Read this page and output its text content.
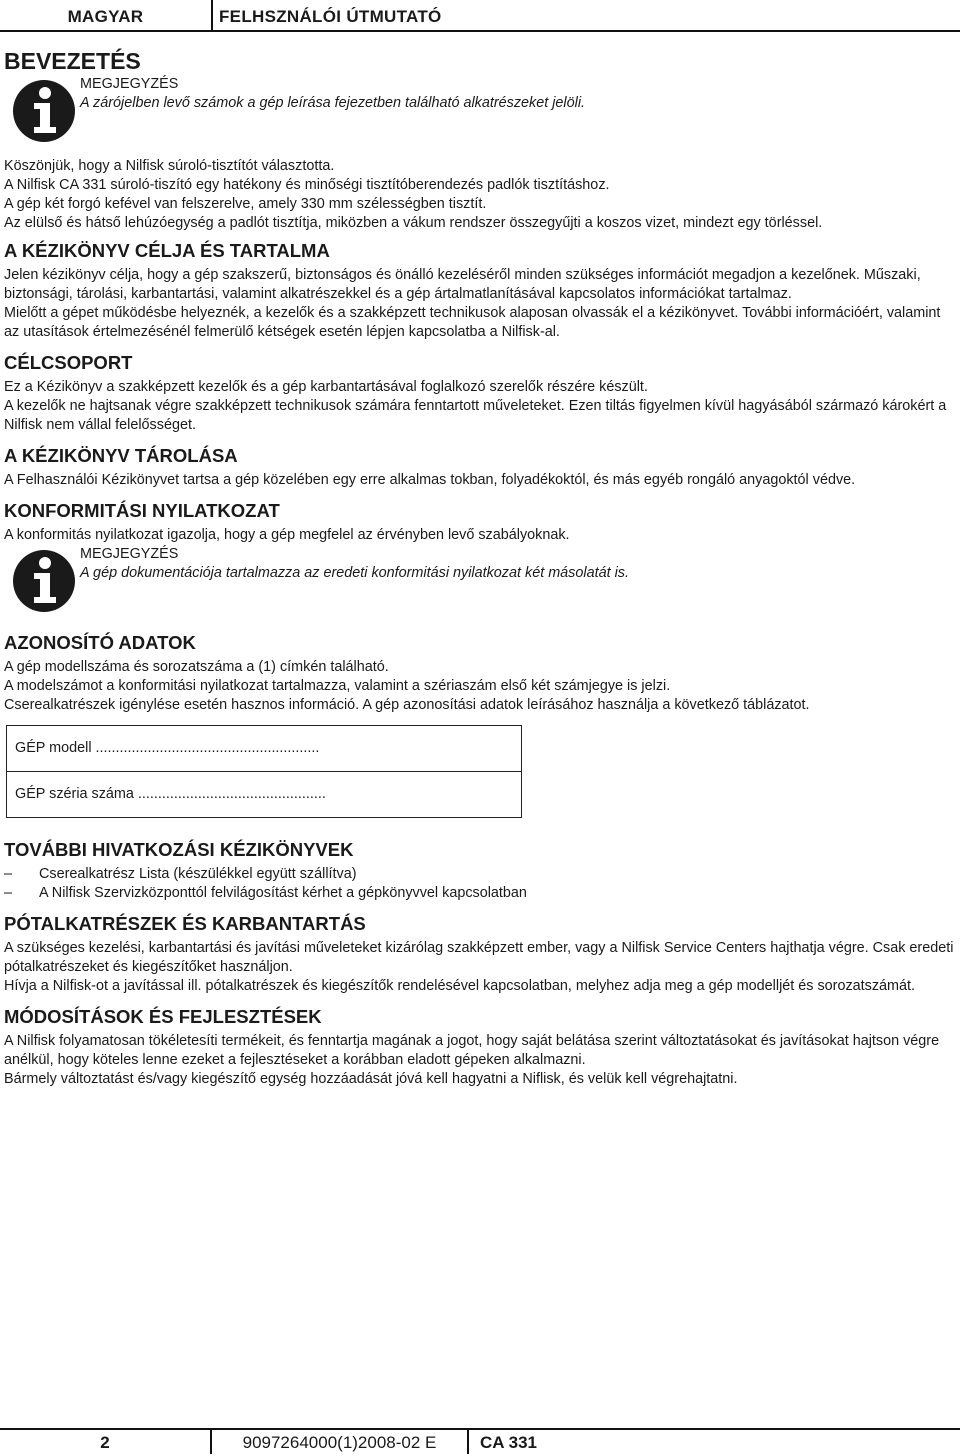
MAGYAR	FELHSZNÁLÓI ÚTMUTATÓ
BEVEZETÉS
MEGJEGYZÉS
A zárójelben levő számok a gép leírása fejezetben található alkatrészeket jelöli.

Köszönjük, hogy a Nilfisk súroló-tisztítót választotta.

A Nilfisk CA 331 súroló-tiszító egy hatékony és minőségi tisztítóberendezés padlók tisztításhoz.

A gép két forgó kefével van felszerelve, amely 330 mm szélességben tisztít.

Az elülső és hátső lehúzóegység a padlót tisztítja, miközben a vákum rendszer összegyűjti a koszos vizet, mindezt egy törléssel.

A KÉZIKÖNYV CÉLJA ÉS TARTALMA

Jelen kézikönyv célja, hogy a gép szakszerű, biztonságos és önálló kezeléséről minden szükséges információt megadjon a kezelőnek. Műszaki, biztonsági, tárolási, karbantartási, valamint alkatrészekkel és a gép ártalmatlanításával kapcsolatos információkat tartalmaz.

Mielőtt a gépet működésbe helyeznék, a kezelők és a szakképzett technikusok alaposan olvassák el a kézikönyvet. További információért, valamint az utasítások értelmezésénél felmerülő kétségek esetén lépjen kapcsolatba a Nilfisk-al.

CÉLCSOPORT

Ez a Kézikönyv a szakképzett kezelők és a gép karbantartásával foglalkozó szerelők részére készült.

A kezelők ne hajtsanak végre szakképzett technikusok számára fenntartott műveleteket. Ezen tiltás figyelmen kívül hagyásából származó károkért a Nilfisk nem vállal felelősséget.

A KÉZIKÖNYV TÁROLÁSA

A Felhasználói Kézikönyvet tartsa a gép közelében egy erre alkalmas tokban, folyadékoktól, és más egyéb rongáló anyagoktól védve.

KONFORMITÁSI NYILATKOZAT

A konformitás nyilatkozat igazolja, hogy a gép megfelel az érvényben levő szabályoknak.

MEGJEGYZÉS
A gép dokumentációja tartalmazza az eredeti konformitási nyilatkozat két másolatát is.
AZONOSÍTÓ ADATOK

A gép modellszáma és sorozatszáma a (1) címkén található.

A modelszámot a konformitási nyilatkozat tartalmazza, valamint a szériaszám első két számjegye is jelzi.

Cserealkatrészek igénylése esetén hasznos információ. A gép azonosítási adatok leírásához használja a következő táblázatot.

GÉP modell ........................................................
GÉP széria száma ...............................................
TOVÁBBI HIVATKOZÁSI KÉZIKÖNYVEK
– Cserealkatrész Lista (készülékkel együtt szállítva)
– A Nilfisk Szervizközponttól felvilágosítást kérhet a gépkönyvvel kapcsolatban
PÓTALKATRÉSZEK ÉS KARBANTARTÁS

A szükséges kezelési, karbantartási és javítási műveleteket kizárólag szakképzett ember, vagy a Nilfisk Service Centers hajthatja végre. Csak eredeti pótalkatrészeket és kiegészítőket használjon.

Hívja a Nilfisk-ot a javítással ill. pótalkatrészek és kiegészítők rendelésével kapcsolatban, melyhez adja meg a gép modelljét és sorozatszámát.

MÓDOSÍTÁSOK ÉS FEJLESZTÉSEK

A Nilfisk folyamatosan tökéletesíti termékeit, és fenntartja magának a jogot, hogy saját belátása szerint változtatásokat és javításokat hajtson végre anélkül, hogy köteles lenne ezeket a fejlesztéseket a korábban eladott gépeken alkalmazni.

Bármely változtatást és/vagy kiegészítő egység hozzáadását jóvá kell hagyatni a Niflisk, és velük kell végrehajtatni.

2	9097264000(1)2008-02 E	CA 331
